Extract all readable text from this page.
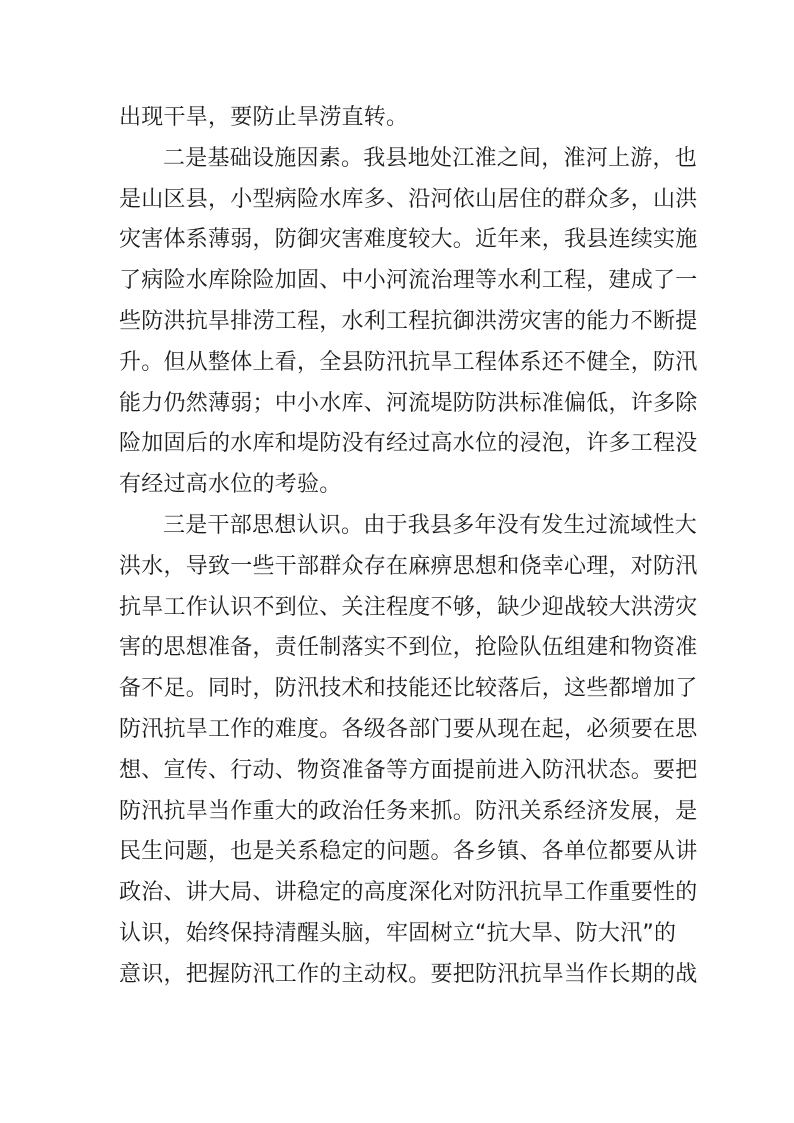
出现干旱，要防止旱涝直转。
二是基础设施因素。我县地处江淮之间，淮河上游，也
是山区县，小型病险水库多、沿河依山居住的群众多，山洪
灾害体系薄弱，防御灾害难度较大。近年来，我县连续实施
了病险水库除险加固、中小河流治理等水利工程，建成了一
些防洪抗旱排涝工程，水利工程抗御洪涝灾害的能力不断提
升。但从整体上看，全县防汛抗旱工程体系还不健全，防汛
能力仍然薄弱；中小水库、河流堤防防洪标准偏低，许多除
险加固后的水库和堤防没有经过高水位的浸泡，许多工程没
有经过高水位的考验。
三是干部思想认识。由于我县多年没有发生过流域性大
洪水，导致一些干部群众存在麻痹思想和侥幸心理，对防汛
抗旱工作认识不到位、关注程度不够，缺少迎战较大洪涝灾
害的思想准备，责任制落实不到位，抢险队伍组建和物资准
备不足。同时，防汛技术和技能还比较落后，这些都增加了
防汛抗旱工作的难度。各级各部门要从现在起，必须要在思
想、宣传、行动、物资准备等方面提前进入防汛状态。要把
防汛抗旱当作重大的政治任务来抓。防汛关系经济发展，是
民生问题，也是关系稳定的问题。各乡镇、各单位都要从讲
政治、讲大局、讲稳定的高度深化对防汛抗旱工作重要性的
认识，始终保持清醒头脑，牢固树立“抗大旱、防大汛”的
意识，把握防汛工作的主动权。要把防汛抗旱当作长期的战
